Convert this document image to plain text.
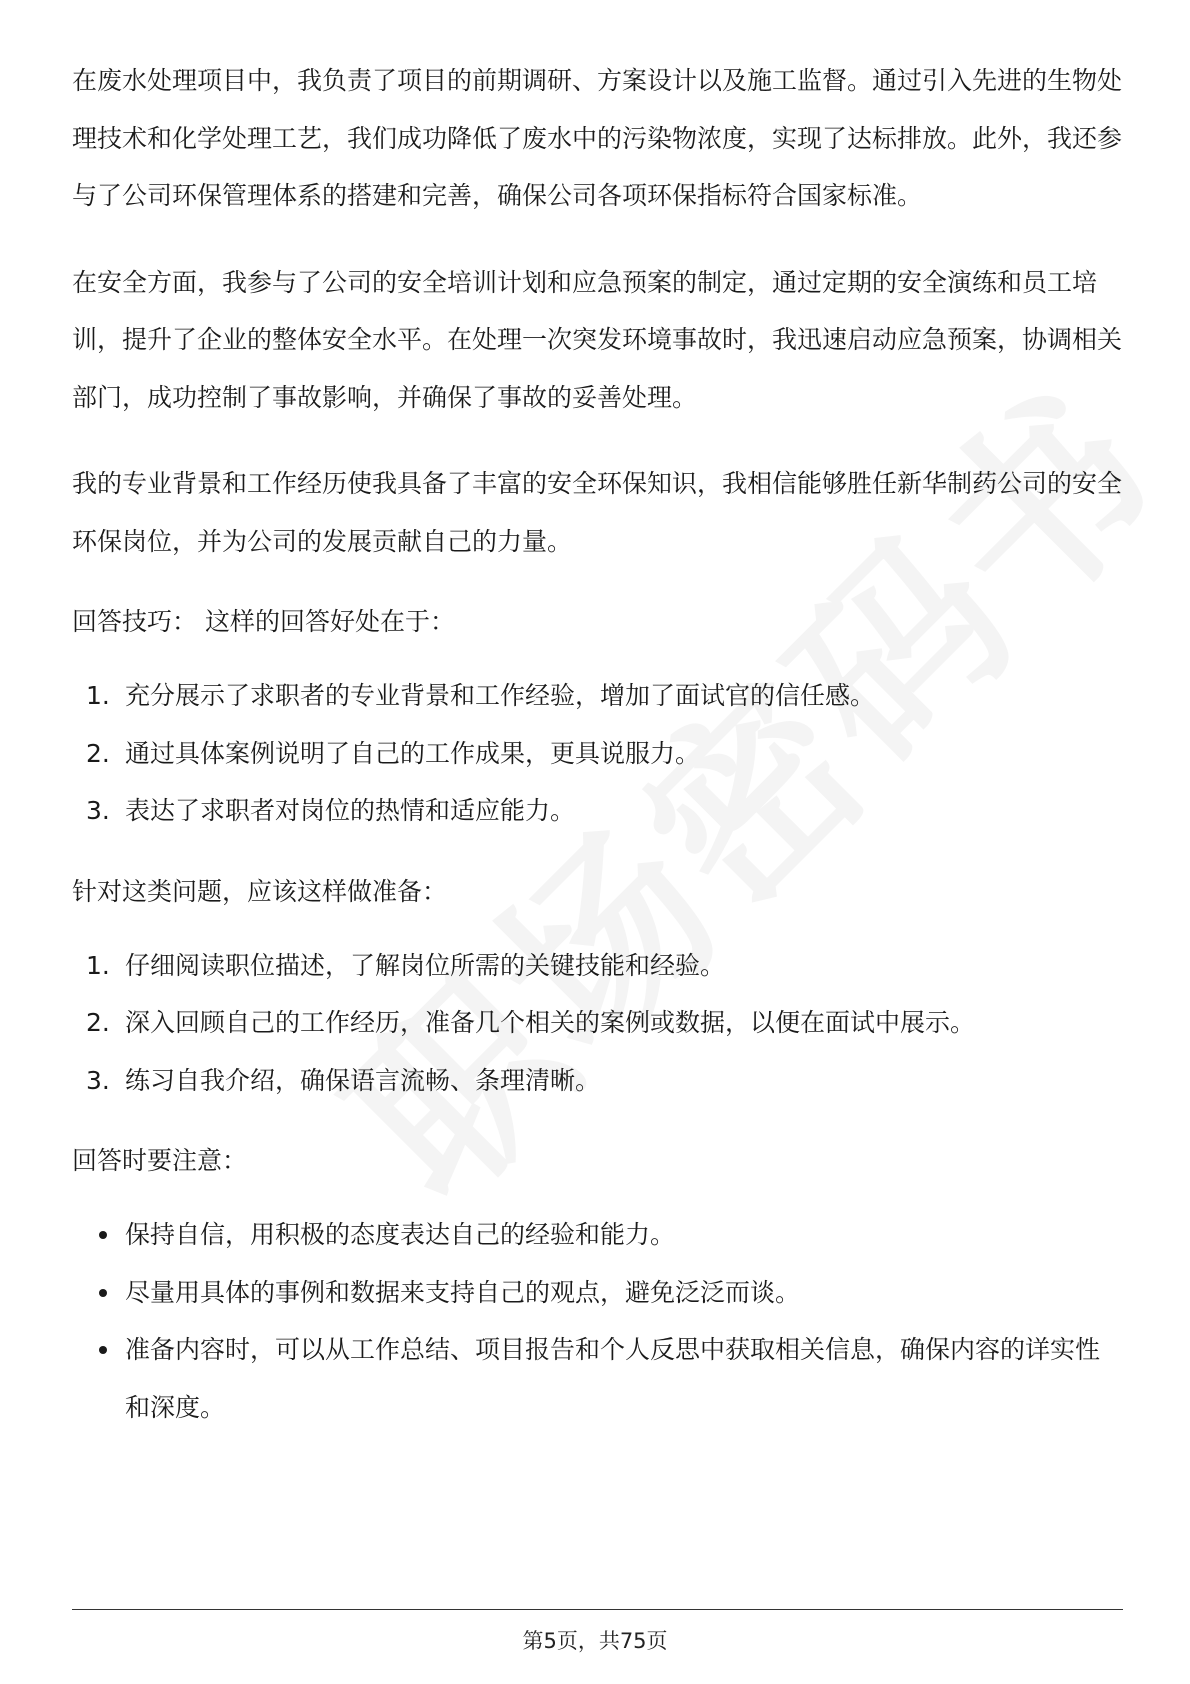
在废水处理项目中，我负责了项目的前期调研、方案设计以及施工监督。通过引入先进的生物处理技术和化学处理工艺，我们成功降低了废水中的污染物浓度，实现了达标排放。此外，我还参与了公司环保管理体系的搭建和完善，确保公司各项环保指标符合国家标准。

在安全方面，我参与了公司的安全培训计划和应急预案的制定，通过定期的安全演练和员工培训，提升了企业的整体安全水平。在处理一次突发环境事故时，我迅速启动应急预案，协调相关部门，成功控制了事故影响，并确保了事故的妥善处理。

我的专业背景和工作经历使我具备了丰富的安全环保知识，我相信能够胜任新华制药公司的安全环保岗位，并为公司的发展贡献自己的力量。

回答技巧： 这样的回答好处在于：
1. 充分展示了求职者的专业背景和工作经验，增加了面试官的信任感。
2. 通过具体案例说明了自己的工作成果，更具说服力。
3. 表达了求职者对岗位的热情和适应能力。
针对这类问题，应该这样做准备：
1. 仔细阅读职位描述，了解岗位所需的关键技能和经验。
2. 深入回顾自己的工作经历，准备几个相关的案例或数据，以便在面试中展示。
3. 练习自我介绍，确保语言流畅、条理清晰。
回答时要注意：
保持自信，用积极的态度表达自己的经验和能力。
尽量用具体的事例和数据来支持自己的观点，避免泛泛而谈。
准备内容时，可以从工作总结、项目报告和个人反思中获取相关信息，确保内容的详实性和深度。
第5页，共75页
